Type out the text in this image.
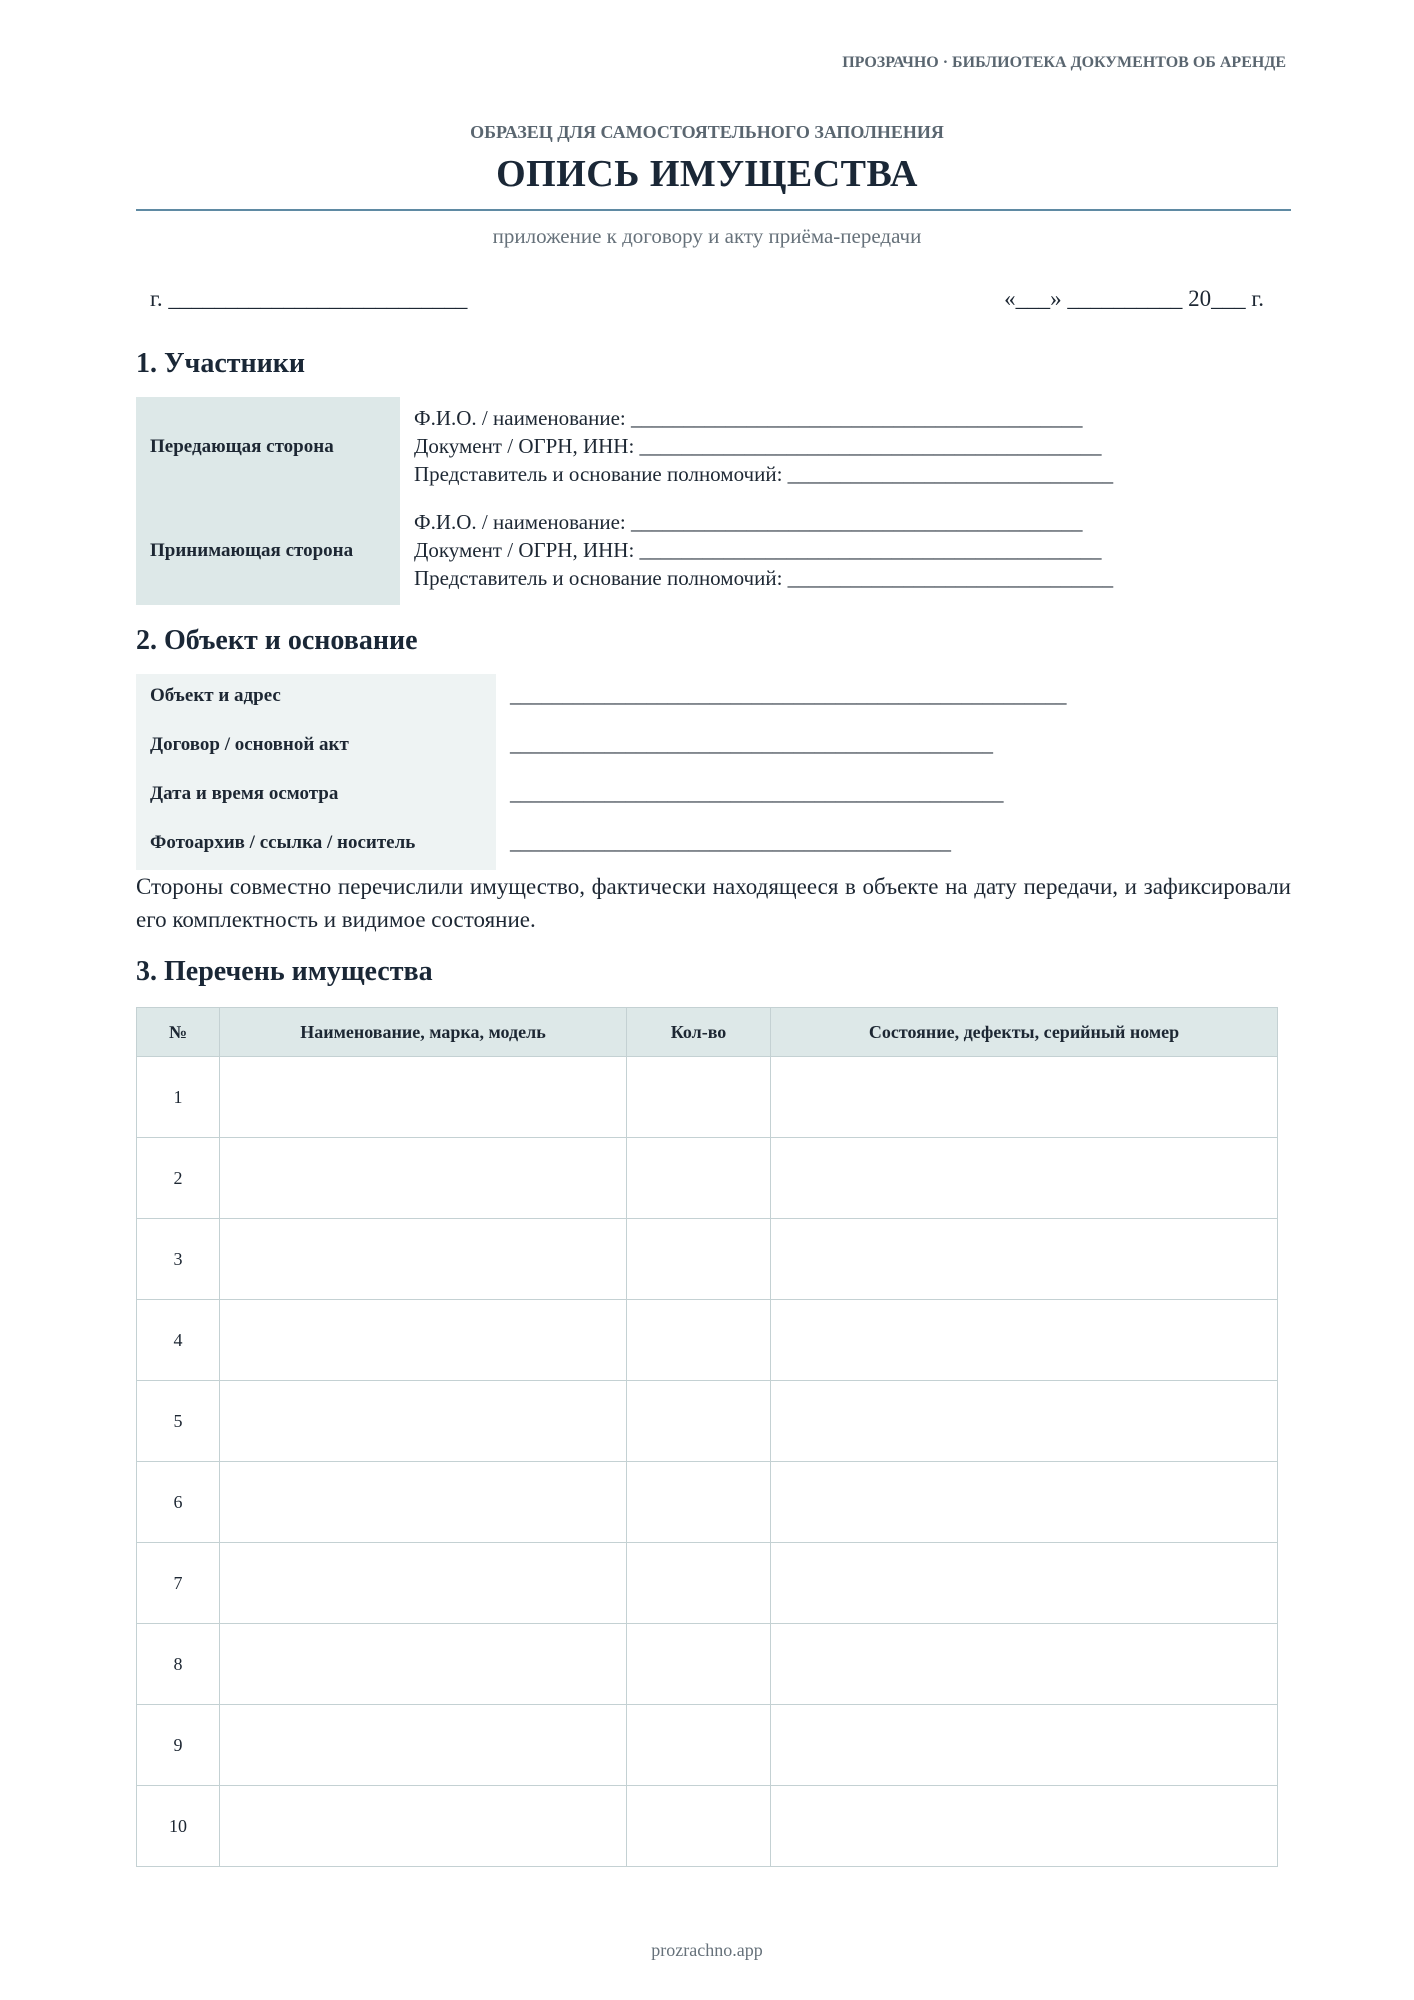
ПРОЗРАЧНО · БИБЛИОТЕКА ДОКУМЕНТОВ ОБ АРЕНДЕ
ОБРАЗЕЦ ДЛЯ САМОСТОЯТЕЛЬНОГО ЗАПОЛНЕНИЯ
ОПИСЬ ИМУЩЕСТВА
приложение к договору и акту приёма-передачи
г. __________________________	«___» __________ 20___ г.
1. Участники
Передающая сторона
Ф.И.О. / наименование: ___________________________________________
Документ / ОГРН, ИНН: ____________________________________________
Представитель и основание полномочий: _______________________________
Принимающая сторона
Ф.И.О. / наименование: ___________________________________________
Документ / ОГРН, ИНН: ____________________________________________
Представитель и основание полномочий: _______________________________
2. Объект и основание
Объект и адрес	_____________________________________________________
Договор / основной акт	______________________________________________
Дата и время осмотра	_______________________________________________
Фотоархив / ссылка / носитель	__________________________________________
Стороны совместно перечислили имущество, фактически находящееся в объекте на дату передачи, и зафиксировали его комплектность и видимое состояние.
3. Перечень имущества
№	Наименование, марка, модель	Кол-во	Состояние, дефекты, серийный номер
1			
2			
3			
4			
5			
6			
7			
8			
9			
10			
prozrachno.app
